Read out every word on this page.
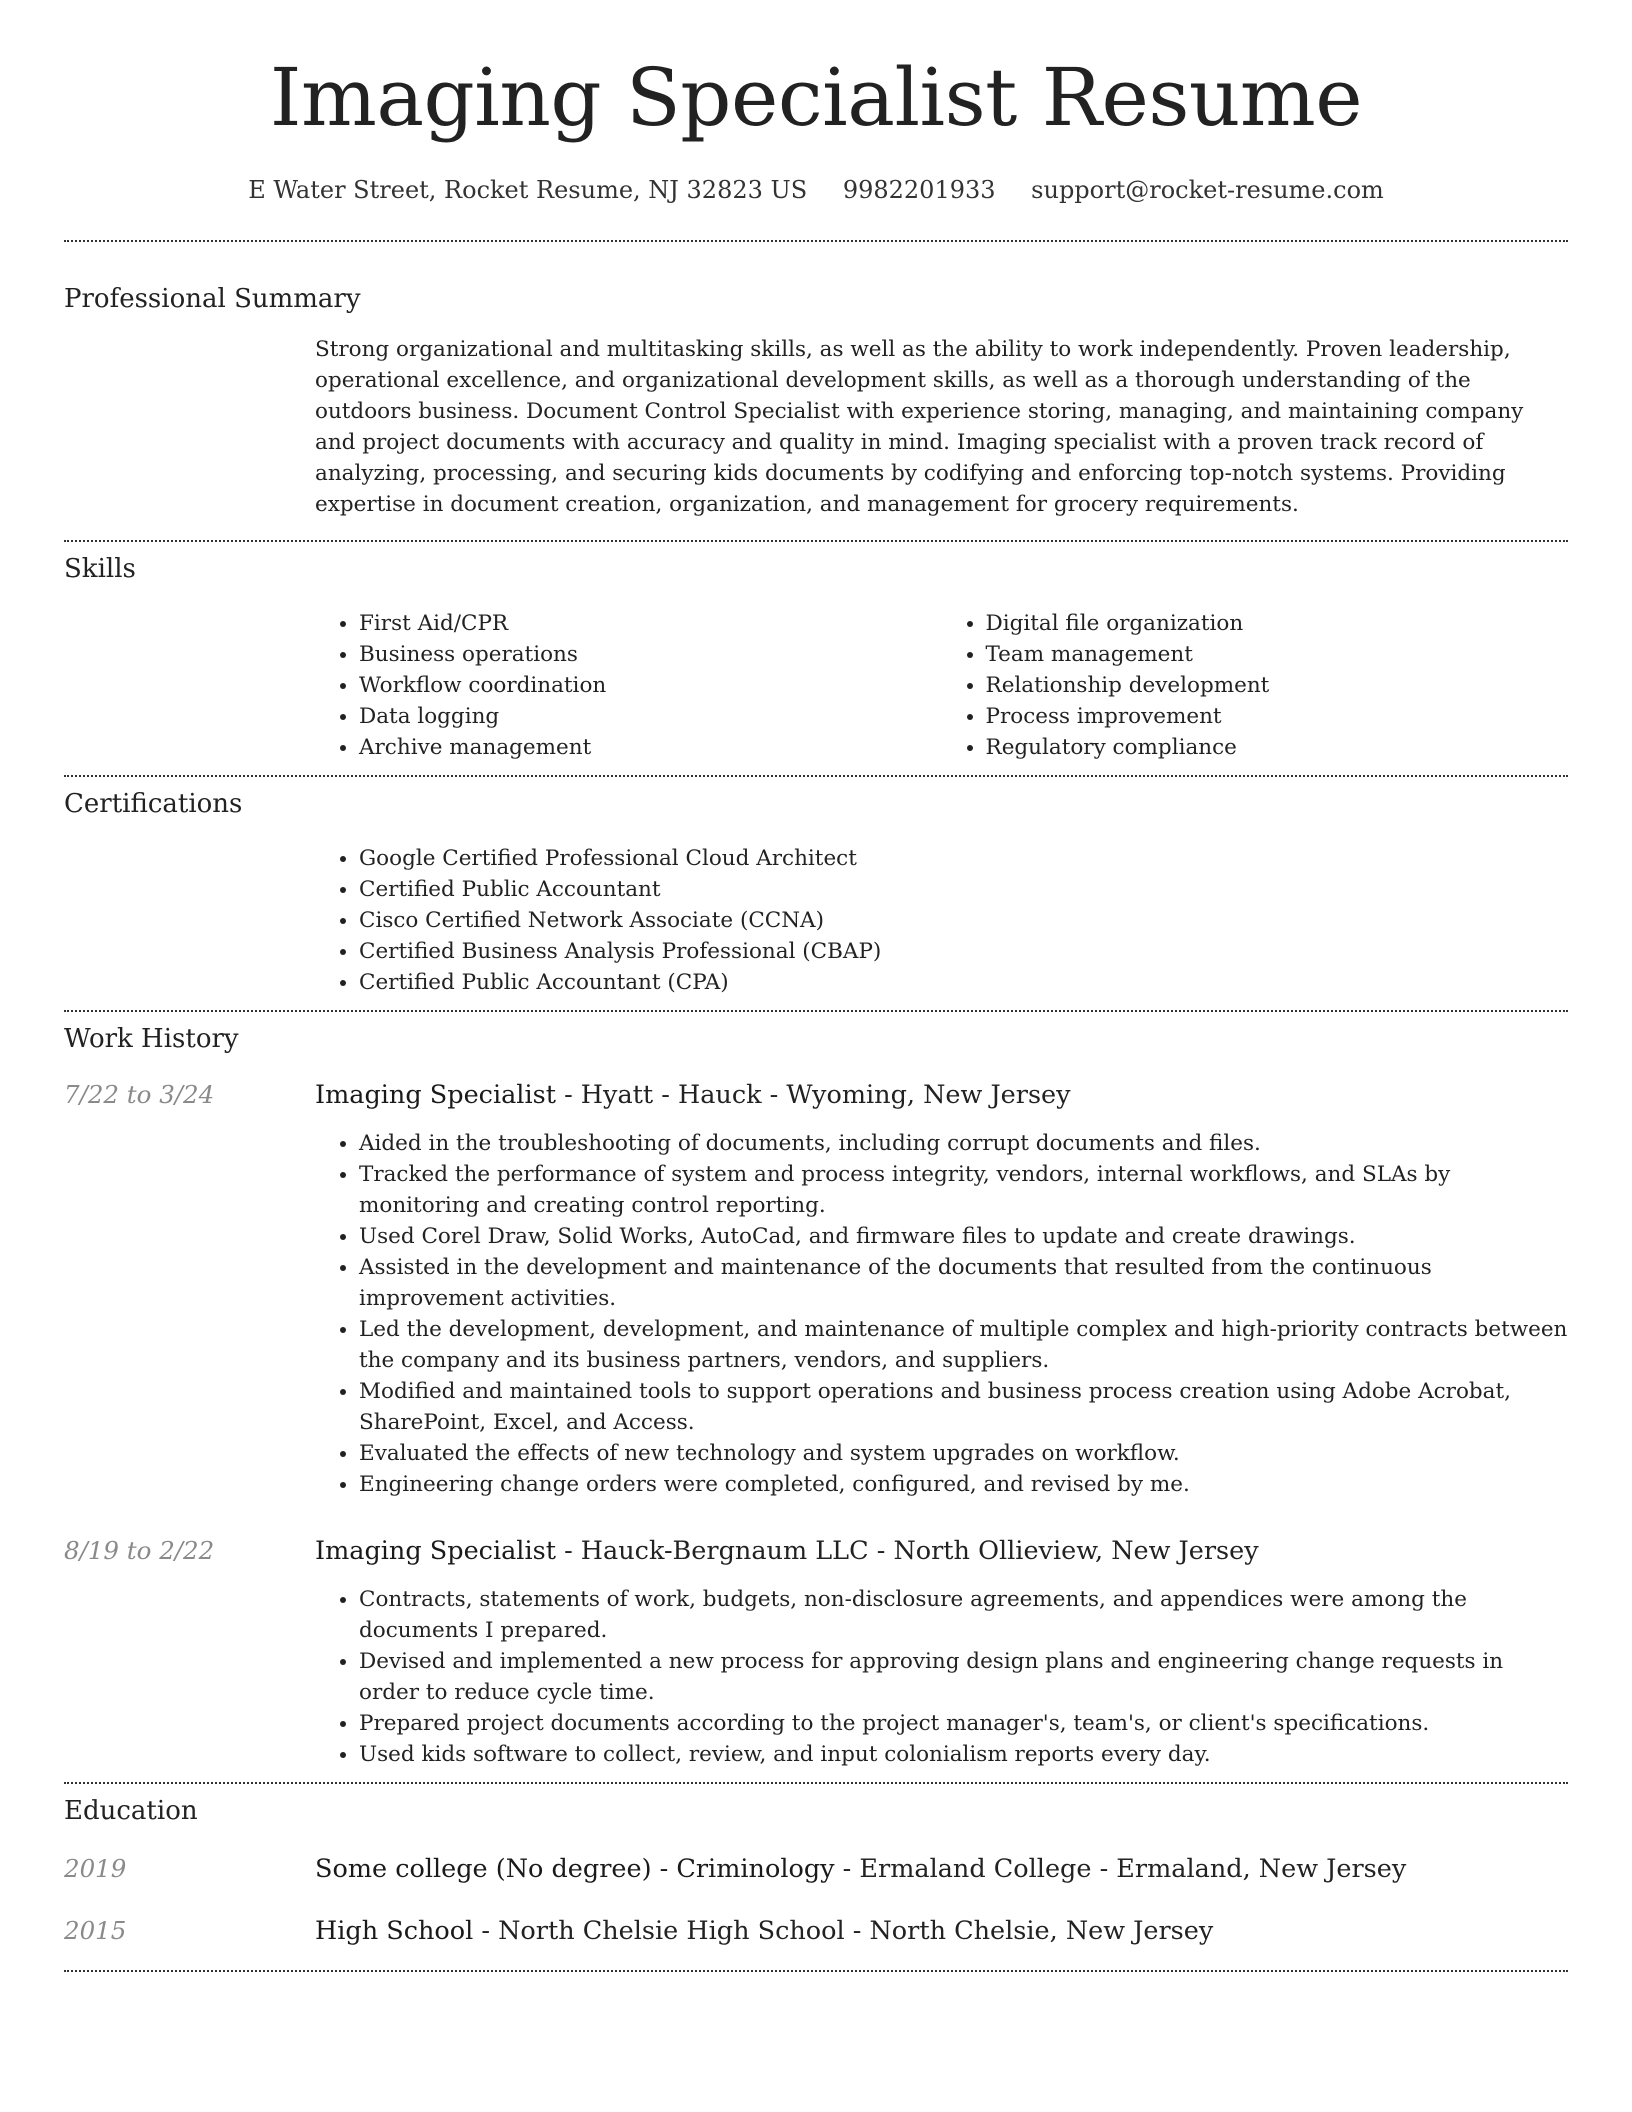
Imaging Specialist Resume
E Water Street, Rocket Resume, NJ 32823 US 9982201933 support@rocket-resume.com
Professional Summary

Strong organizational and multitasking skills, as well as the ability to work independently. Proven leadership, operational excellence, and organizational development skills, as well as a thorough understanding of the outdoors business. Document Control Specialist with experience storing, managing, and maintaining company and project documents with accuracy and quality in mind. Imaging specialist with a proven track record of analyzing, processing, and securing kids documents by codifying and enforcing top-notch systems. Providing expertise in document creation, organization, and management for grocery requirements.

Skills
• First Aid/CPR
• Business operations
• Workflow coordination
• Data logging
• Archive management
• Digital file organization
• Team management
• Relationship development
• Process improvement
• Regulatory compliance
Certifications
• Google Certified Professional Cloud Architect
• Certified Public Accountant
• Cisco Certified Network Associate (CCNA)
• Certified Business Analysis Professional (CBAP)
• Certified Public Accountant (CPA)
Work History
7/22 to 3/24	Imaging Specialist - Hyatt - Hauck - Wyoming, New Jersey
• Aided in the troubleshooting of documents, including corrupt documents and files.
• Tracked the performance of system and process integrity, vendors, internal workflows, and SLAs by monitoring and creating control reporting.
• Used Corel Draw, Solid Works, AutoCad, and firmware files to update and create drawings.
• Assisted in the development and maintenance of the documents that resulted from the continuous improvement activities.
• Led the development, development, and maintenance of multiple complex and high-priority contracts between the company and its business partners, vendors, and suppliers.
• Modified and maintained tools to support operations and business process creation using Adobe Acrobat, SharePoint, Excel, and Access.
• Evaluated the effects of new technology and system upgrades on workflow.
• Engineering change orders were completed, configured, and revised by me.
8/19 to 2/22	Imaging Specialist - Hauck-Bergnaum LLC - North Ollieview, New Jersey
• Contracts, statements of work, budgets, non-disclosure agreements, and appendices were among the documents I prepared.
• Devised and implemented a new process for approving design plans and engineering change requests in order to reduce cycle time.
• Prepared project documents according to the project manager's, team's, or client's specifications.
• Used kids software to collect, review, and input colonialism reports every day.
Education
2019	Some college (No degree) - Criminology - Ermaland College - Ermaland, New Jersey
2015	High School - North Chelsie High School - North Chelsie, New Jersey
